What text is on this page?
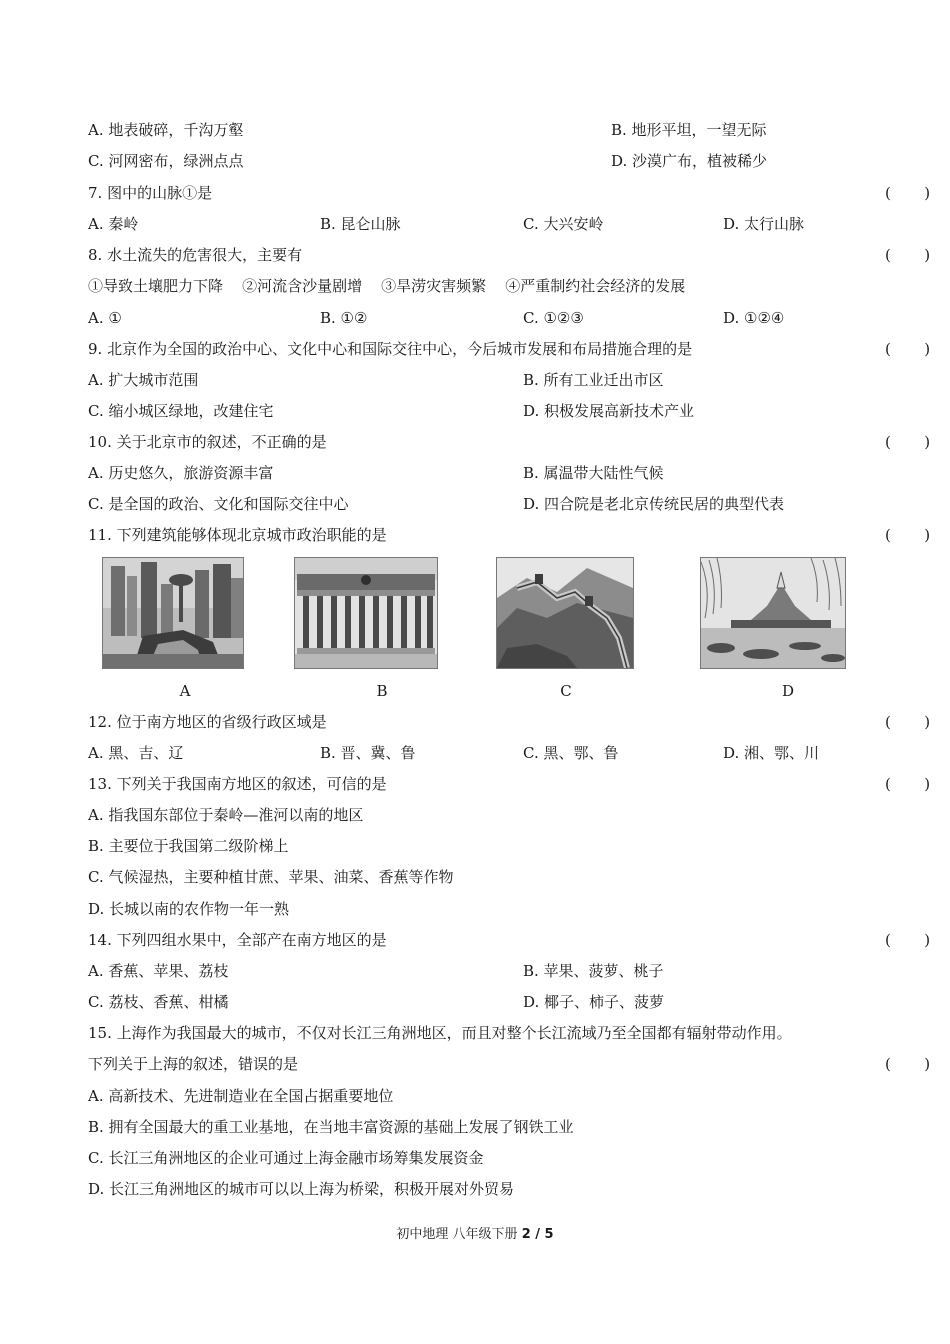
A. 地表破碎，千沟万壑	B. 地形平坦，一望无际
C. 河网密布，绿洲点点	D. 沙漠广布，植被稀少
7. 图中的山脉①是	(       )
A. 秦岭	B. 昆仑山脉	C. 大兴安岭	D. 太行山脉
8. 水土流失的危害很大，主要有	(       )
①导致土壤肥力下降    ②河流含沙量剧增    ③旱涝灾害频繁    ④严重制约社会经济的发展
A. ①	B. ①②	C. ①②③	D. ①②④
9. 北京作为全国的政治中心、文化中心和国际交往中心，今后城市发展和布局措施合理的是	(       )
A. 扩大城市范围	B. 所有工业迁出市区
C. 缩小城区绿地，改建住宅	D. 积极发展高新技术产业
10. 关于北京市的叙述，不正确的是	(       )
A. 历史悠久，旅游资源丰富	B. 属温带大陆性气候
C. 是全国的政治、文化和国际交往中心	D. 四合院是老北京传统民居的典型代表
11. 下列建筑能够体现北京城市政治职能的是	(       )
A	B	C	D
12. 位于南方地区的省级行政区域是	(       )
A. 黑、吉、辽	B. 晋、冀、鲁	C. 黑、鄂、鲁	D. 湘、鄂、川
13. 下列关于我国南方地区的叙述，可信的是	(       )
A. 指我国东部位于秦岭—淮河以南的地区
B. 主要位于我国第二级阶梯上
C. 气候湿热，主要种植甘蔗、苹果、油菜、香蕉等作物
D. 长城以南的农作物一年一熟
14. 下列四组水果中，全部产在南方地区的是	(       )
A. 香蕉、苹果、荔枝	B. 苹果、菠萝、桃子
C. 荔枝、香蕉、柑橘	D. 椰子、柿子、菠萝
15. 上海作为我国最大的城市，不仅对长江三角洲地区，而且对整个长江流域乃至全国都有辐射带动作用。
下列关于上海的叙述，错误的是	(       )
A. 高新技术、先进制造业在全国占据重要地位
B. 拥有全国最大的重工业基地，在当地丰富资源的基础上发展了钢铁工业
C. 长江三角洲地区的企业可通过上海金融市场筹集发展资金
D. 长江三角洲地区的城市可以以上海为桥梁，积极开展对外贸易
初中地理 八年级下册 2 / 5
